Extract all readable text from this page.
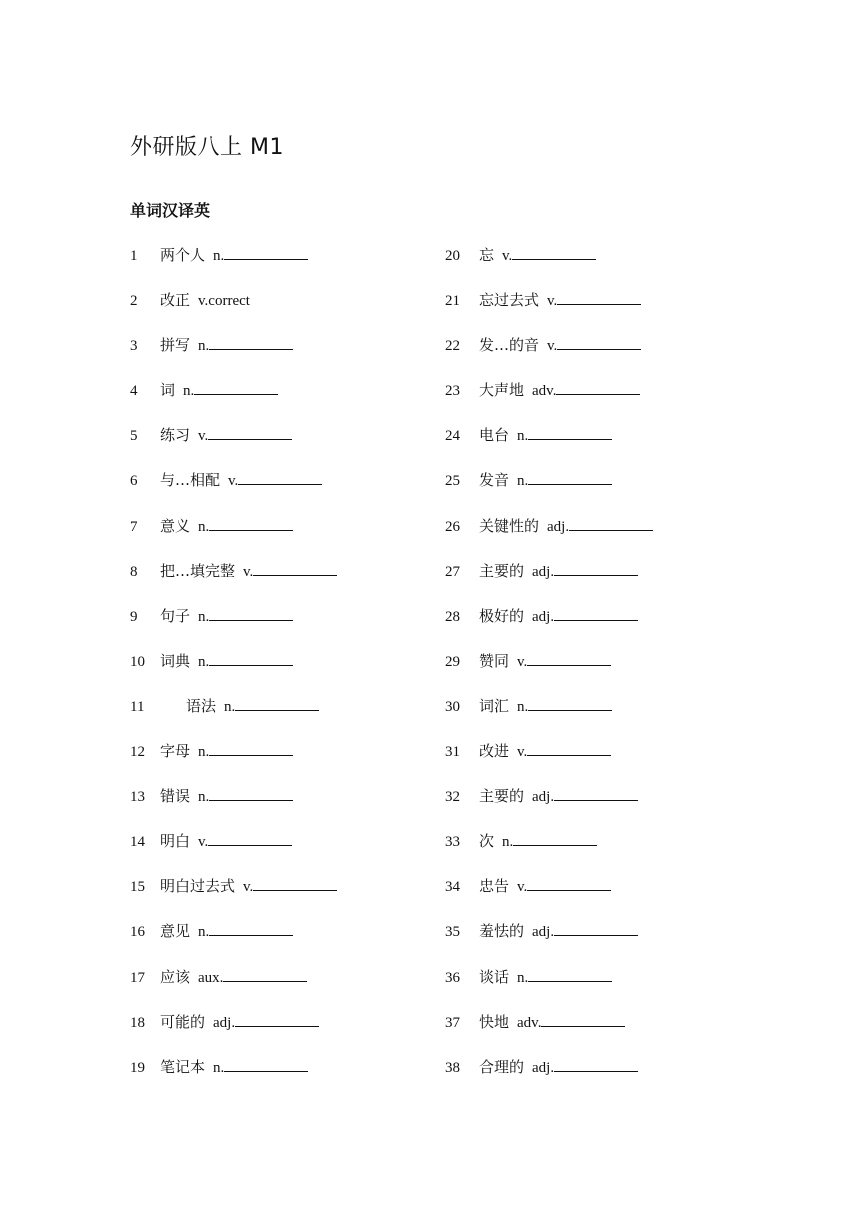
外研版八上 M1
单词汉译英
1 两个人 n.
2 改正 v.correct
3 拼写 n.
4 词 n.
5 练习 v.
6 与…相配 v.
7 意义 n.
8 把…填完整 v.
9 句子 n.
10 词典 n.
11	语法 n.
12 字母 n.
13 错误 n.
14 明白 v.
15 明白过去式 v.
16 意见 n.
17 应该 aux.
18 可能的 adj.
19 笔记本 n.
20 忘 v.
21 忘过去式 v.
22 发…的音 v.
23 大声地 adv.
24 电台 n.
25 发音 n.
26 关键性的 adj.
27 主要的 adj.
28 极好的 adj.
29 赞同 v.
30 词汇 n.
31 改进 v.
32 主要的 adj.
33 次 n.
34 忠告 v.
35 羞怯的 adj.
36 谈话 n.
37 快地 adv.
38 合理的 adj.
